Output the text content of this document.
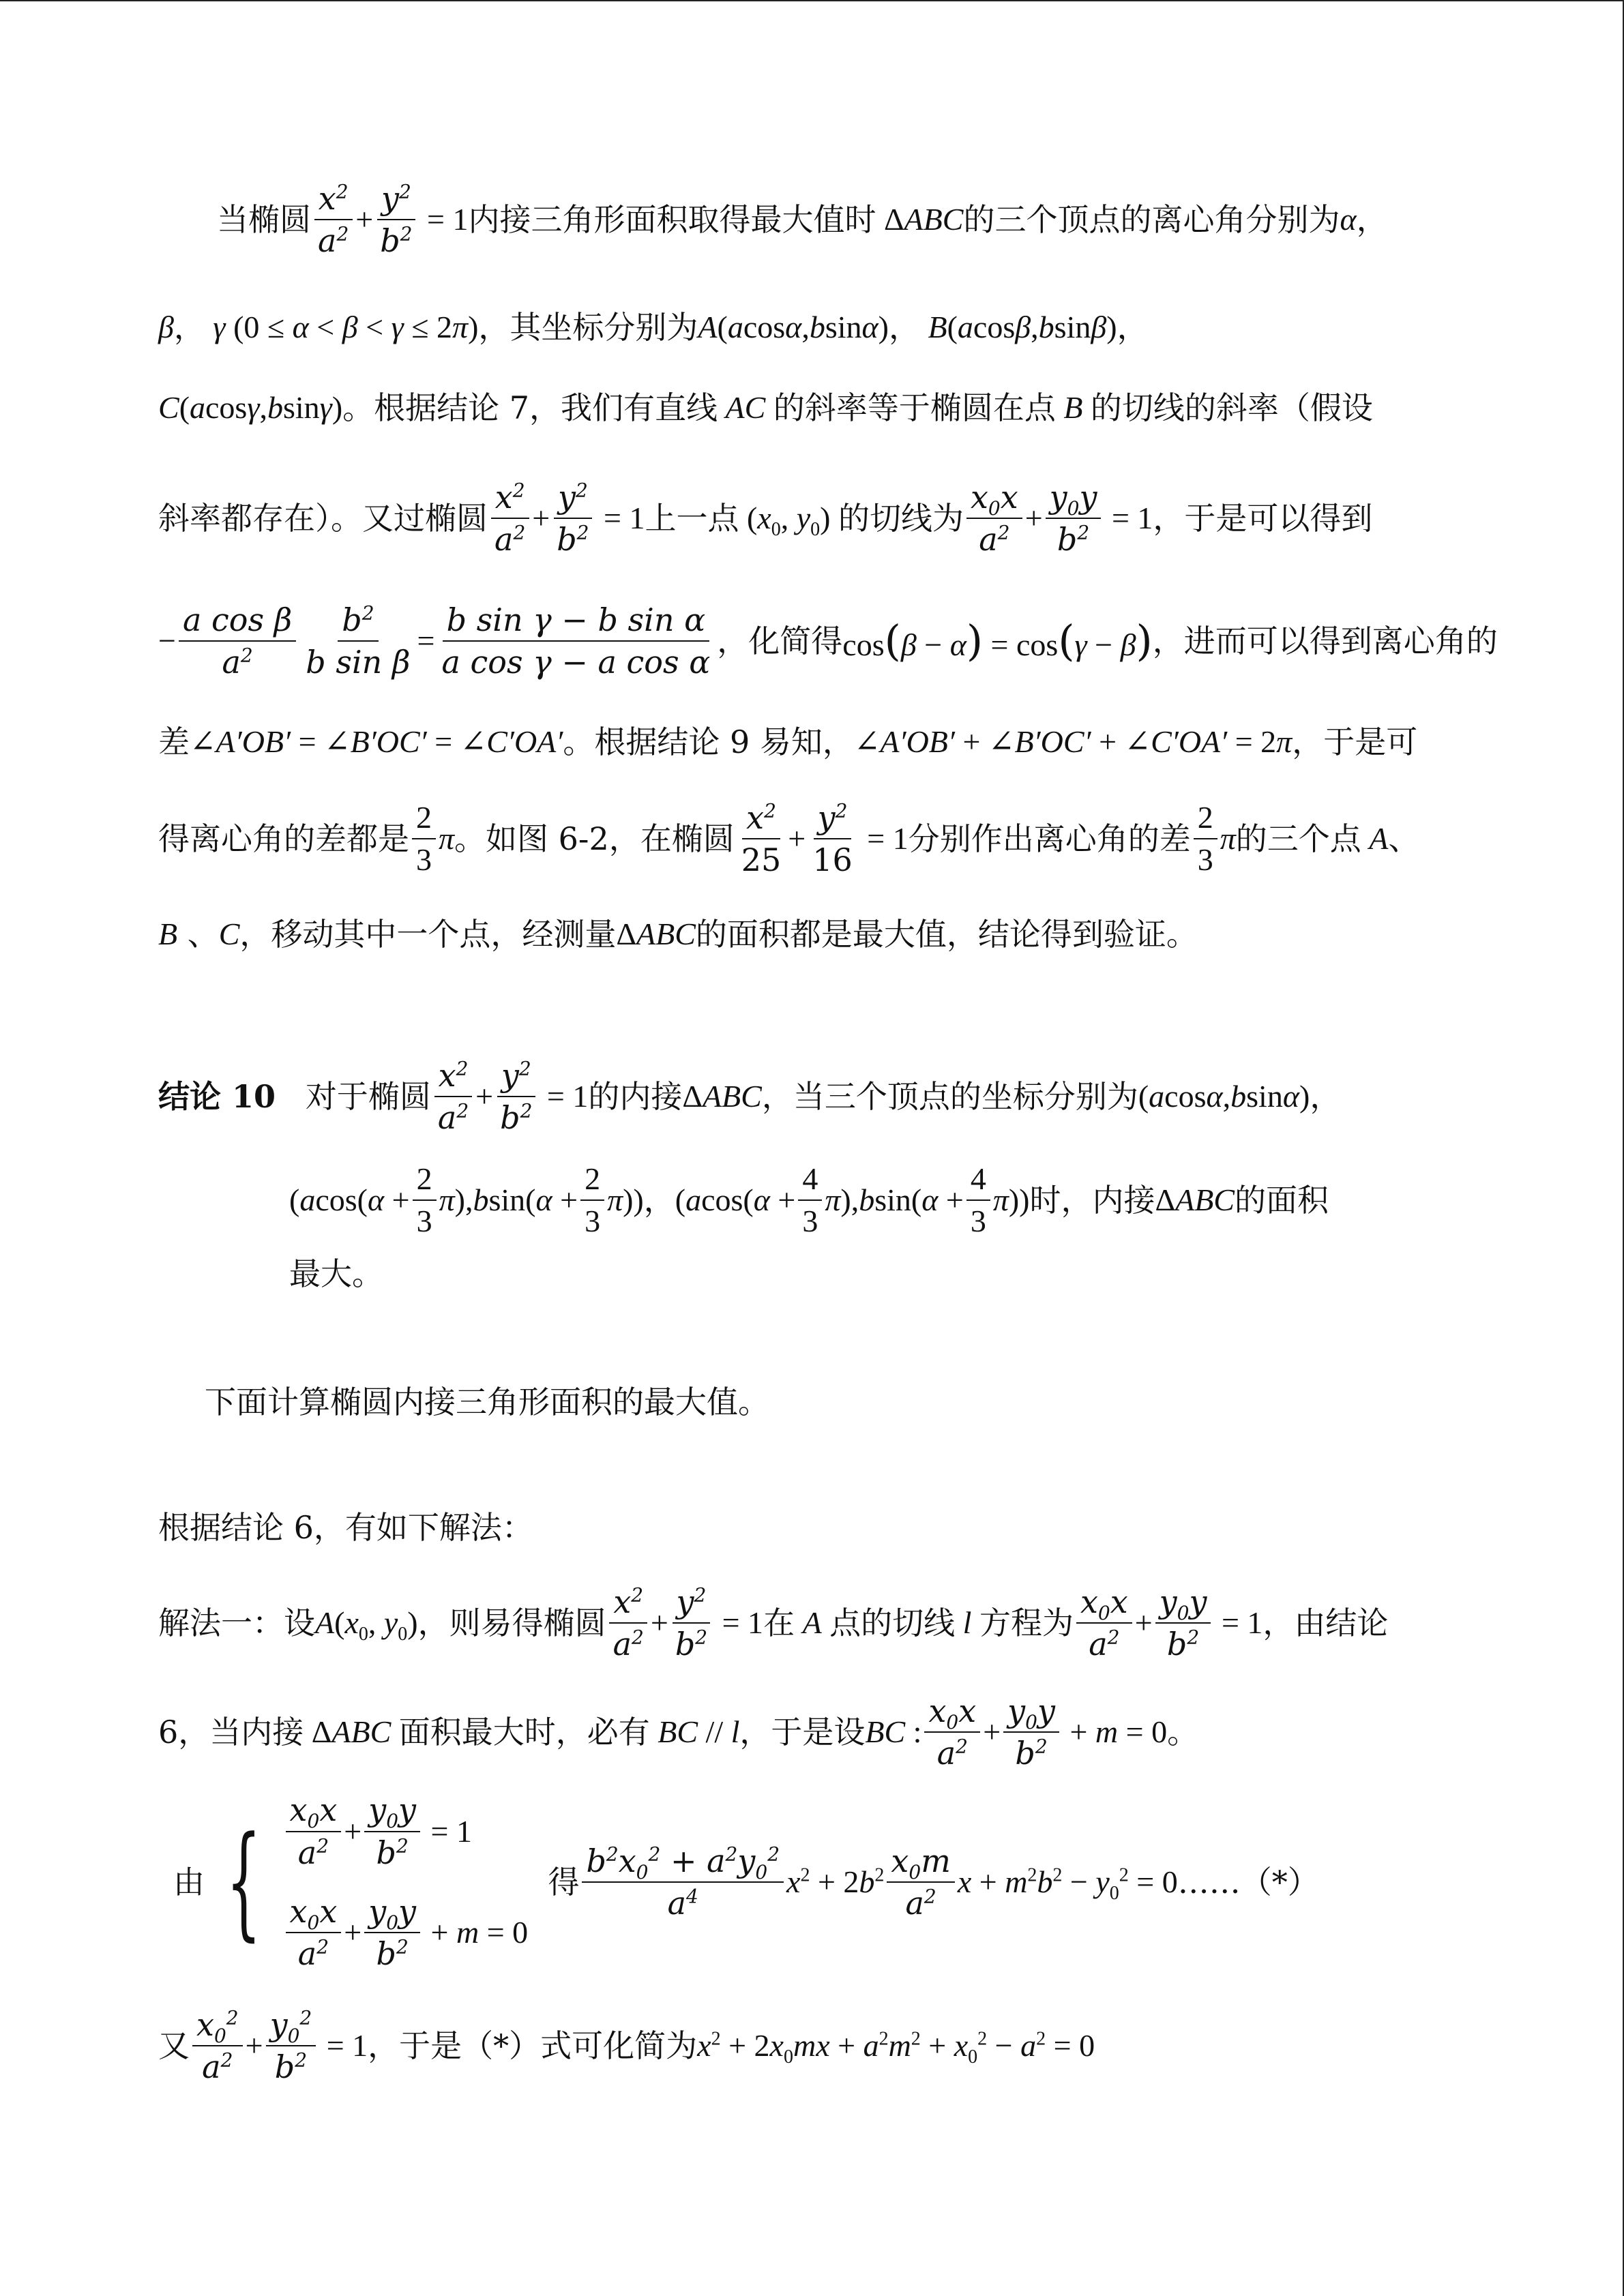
当椭圆 $\frac{x^2}{a^2} + \frac{y^2}{b^2} = 1$ 内接三角形面积取得最大值时 Δ ABC 的三个顶点的离心角分别为 α ，
β ， γ (0 ≤ α < β < γ ≤ 2π) ，其坐标分别为 A(acosα,bsinα) ， B(acosβ,bsinβ) ，
C(acosγ,bsinγ) 。根据结论 7，我们有直线 AC 的斜率等于椭圆在点 B 的切线的斜率（假设
斜率都存在）。又过椭圆 $\frac{x^2}{a^2} + \frac{y^2}{b^2} = 1$ 上一点 ($x_0$, $y_0$) 的切线为 $\frac{x_0x}{a^2} + \frac{y_0y}{b^2} = 1$ ，于是可以得到
− $\frac{\text{a cos β}}{a^2} \frac{b^2}{\text{b sin β}} = \frac{\text{b sin γ − b sin α}}{\text{a cos γ − a cos α}}$ ，化简得 cos(β − α) = cos(γ − β) ，进而可以得到离心角的
差 ∠A′OB′ = ∠B′OC′ = ∠C′OA′ 。根据结论 9 易知， ∠A′OB′ + ∠B′OC′ + ∠C′OA′ = 2π ，于是可
得离心角的差都是 $\frac{2}{3}$ π 。如图 6-2，在椭圆 $\frac{x^2}{25} + \frac{y^2}{16} = 1$ 分别作出离心角的差 $\frac{2}{3}$ π 的三个点 A 、
B 、 C ，移动其中一个点，经测量 ΔABC 的面积都是最大值，结论得到验证。
结论 10
对于椭圆 $\frac{x^2}{a^2} + \frac{y^2}{b^2} = 1$ 的内接 ΔABC ，当三个顶点的坐标分别为 (acosα,bsinα) ，
$(acos(\alpha + \frac{2}{3} \pi),bsin(\alpha + \frac{2}{3} \pi))$ ， $(acos(\alpha + \frac{4}{3} \pi),bsin(\alpha + \frac{4}{3} \pi))$ 时，内接 ΔABC 的面积
最大。
下面计算椭圆内接三角形面积的最大值。
根据结论 6，有如下解法：
解法一：设 $A(x_0$, $y_0$) ，则易得椭圆 $\frac{x^2}{a^2} + \frac{y^2}{b^2} = 1$ 在 A 点的切线 l 方程为 $\frac{x_0x}{a^2} + \frac{y_0y}{b^2} = 1$ ，由结论
6，当内接 ΔABC 面积最大时，必有 BC // l ，于是设 BC : $\frac{x_0x}{a^2} + \frac{y_0y}{b^2} + m = 0$ 。
由 { $\frac{x_0x}{a^2} + \frac{y_0y}{b^2} = 1$
$\frac{x_0x}{a^2} + \frac{y_0y}{b^2} + m = 0$

得 $\frac{b^2x_0^2 + a^2y_0^2}{a^4} x^2 + 2b^2 \frac{x_0m}{a^2}$ $x + m^2b^2 - y_0^2 = 0$ ……（*）
又 $\frac{x_0^2}{a^2} + \frac{y_0^2}{b^2} = 1$ ，于是（*）式可化简为 $x^2 + 2x_0mx + a^2m^2 + x_0^2 - a^2 = 0$
